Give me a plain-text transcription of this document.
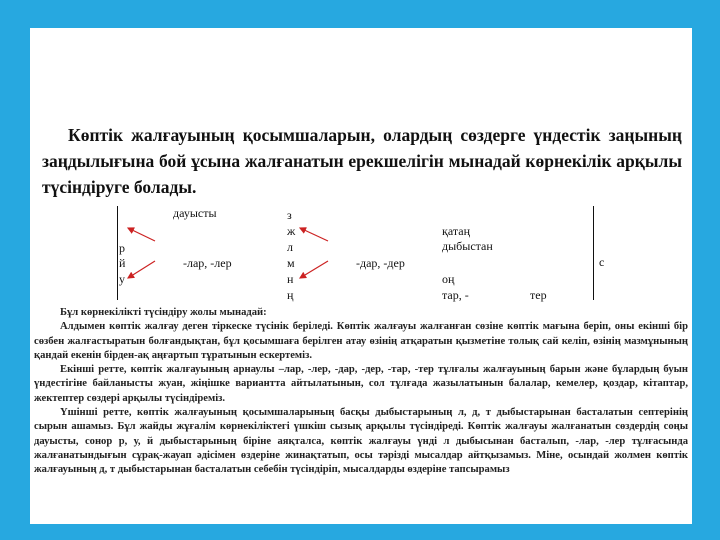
Көптік жалғауының қосымшаларын, олардың сөздерге үндестік заңының заңдылығына бой ұсына жалғанатын ерекшелігін мынадай көрнекілік арқылы түсіндіруге болады.

дауысты
р
й
у
-лар, -лер
з
ж
л
м
н
ң
-дар, -дер
қатаң
дыбыстан
с
оң
тар, -	тер

Бұл көрнекілікті түсіндіру жолы мынадай:

Алдымен көптік жалғау деген тіркеске түсінік беріледі. Көптік жалғауы жалғанған сөзіне көптік мағына беріп, оны екінші бір сөзбен жалғастыратын болғандықтан, бұл қосымшаға берілген атау өзінің атқаратын қызметіне толық сай келіп, өзінің мазмұнының қандай екенін бірден-ақ аңғартып тұратынын ескертеміз.

Екінші ретте, көптік жалғауының арнаулы –лар, -лер, -дар, -дер, -тар, -тер тұлғалы жалғауының барын және бұлардың буын үндестігіне байланысты жуан, жіңішке вариантта айтылатынын, сол тұлғада жазылатынын балалар, кемелер, қоздар, кітаптар, жектептер сөздері арқылы түсіндіреміз.

Үшінші ретте, көптік жалғауының қосымшаларының басқы дыбыстарының л, д, т дыбыстарынан басталатын септерінің сырын ашамыз. Бұл жайды жұғалім көрнекіліктегі үшкіш сызық арқылы түсіндіреді. Көптік жалғауы жалғанатын сөздердің соңы дауысты, сонор р, у, й дыбыстарының біріне аяқталса, көптік жалғауы үнді л дыбысынан басталып, -лар, -лер тұлғасында жалғанатындығын сұрақ-жауап әдісімен өздеріне жинақтатып, осы тәрізді мысалдар айтқызамыз. Міне, осындай жолмен көптік жалғауының д, т дыбыстарынан басталатын себебін түсіндіріп, мысалдарды өздеріне тапсырамыз
